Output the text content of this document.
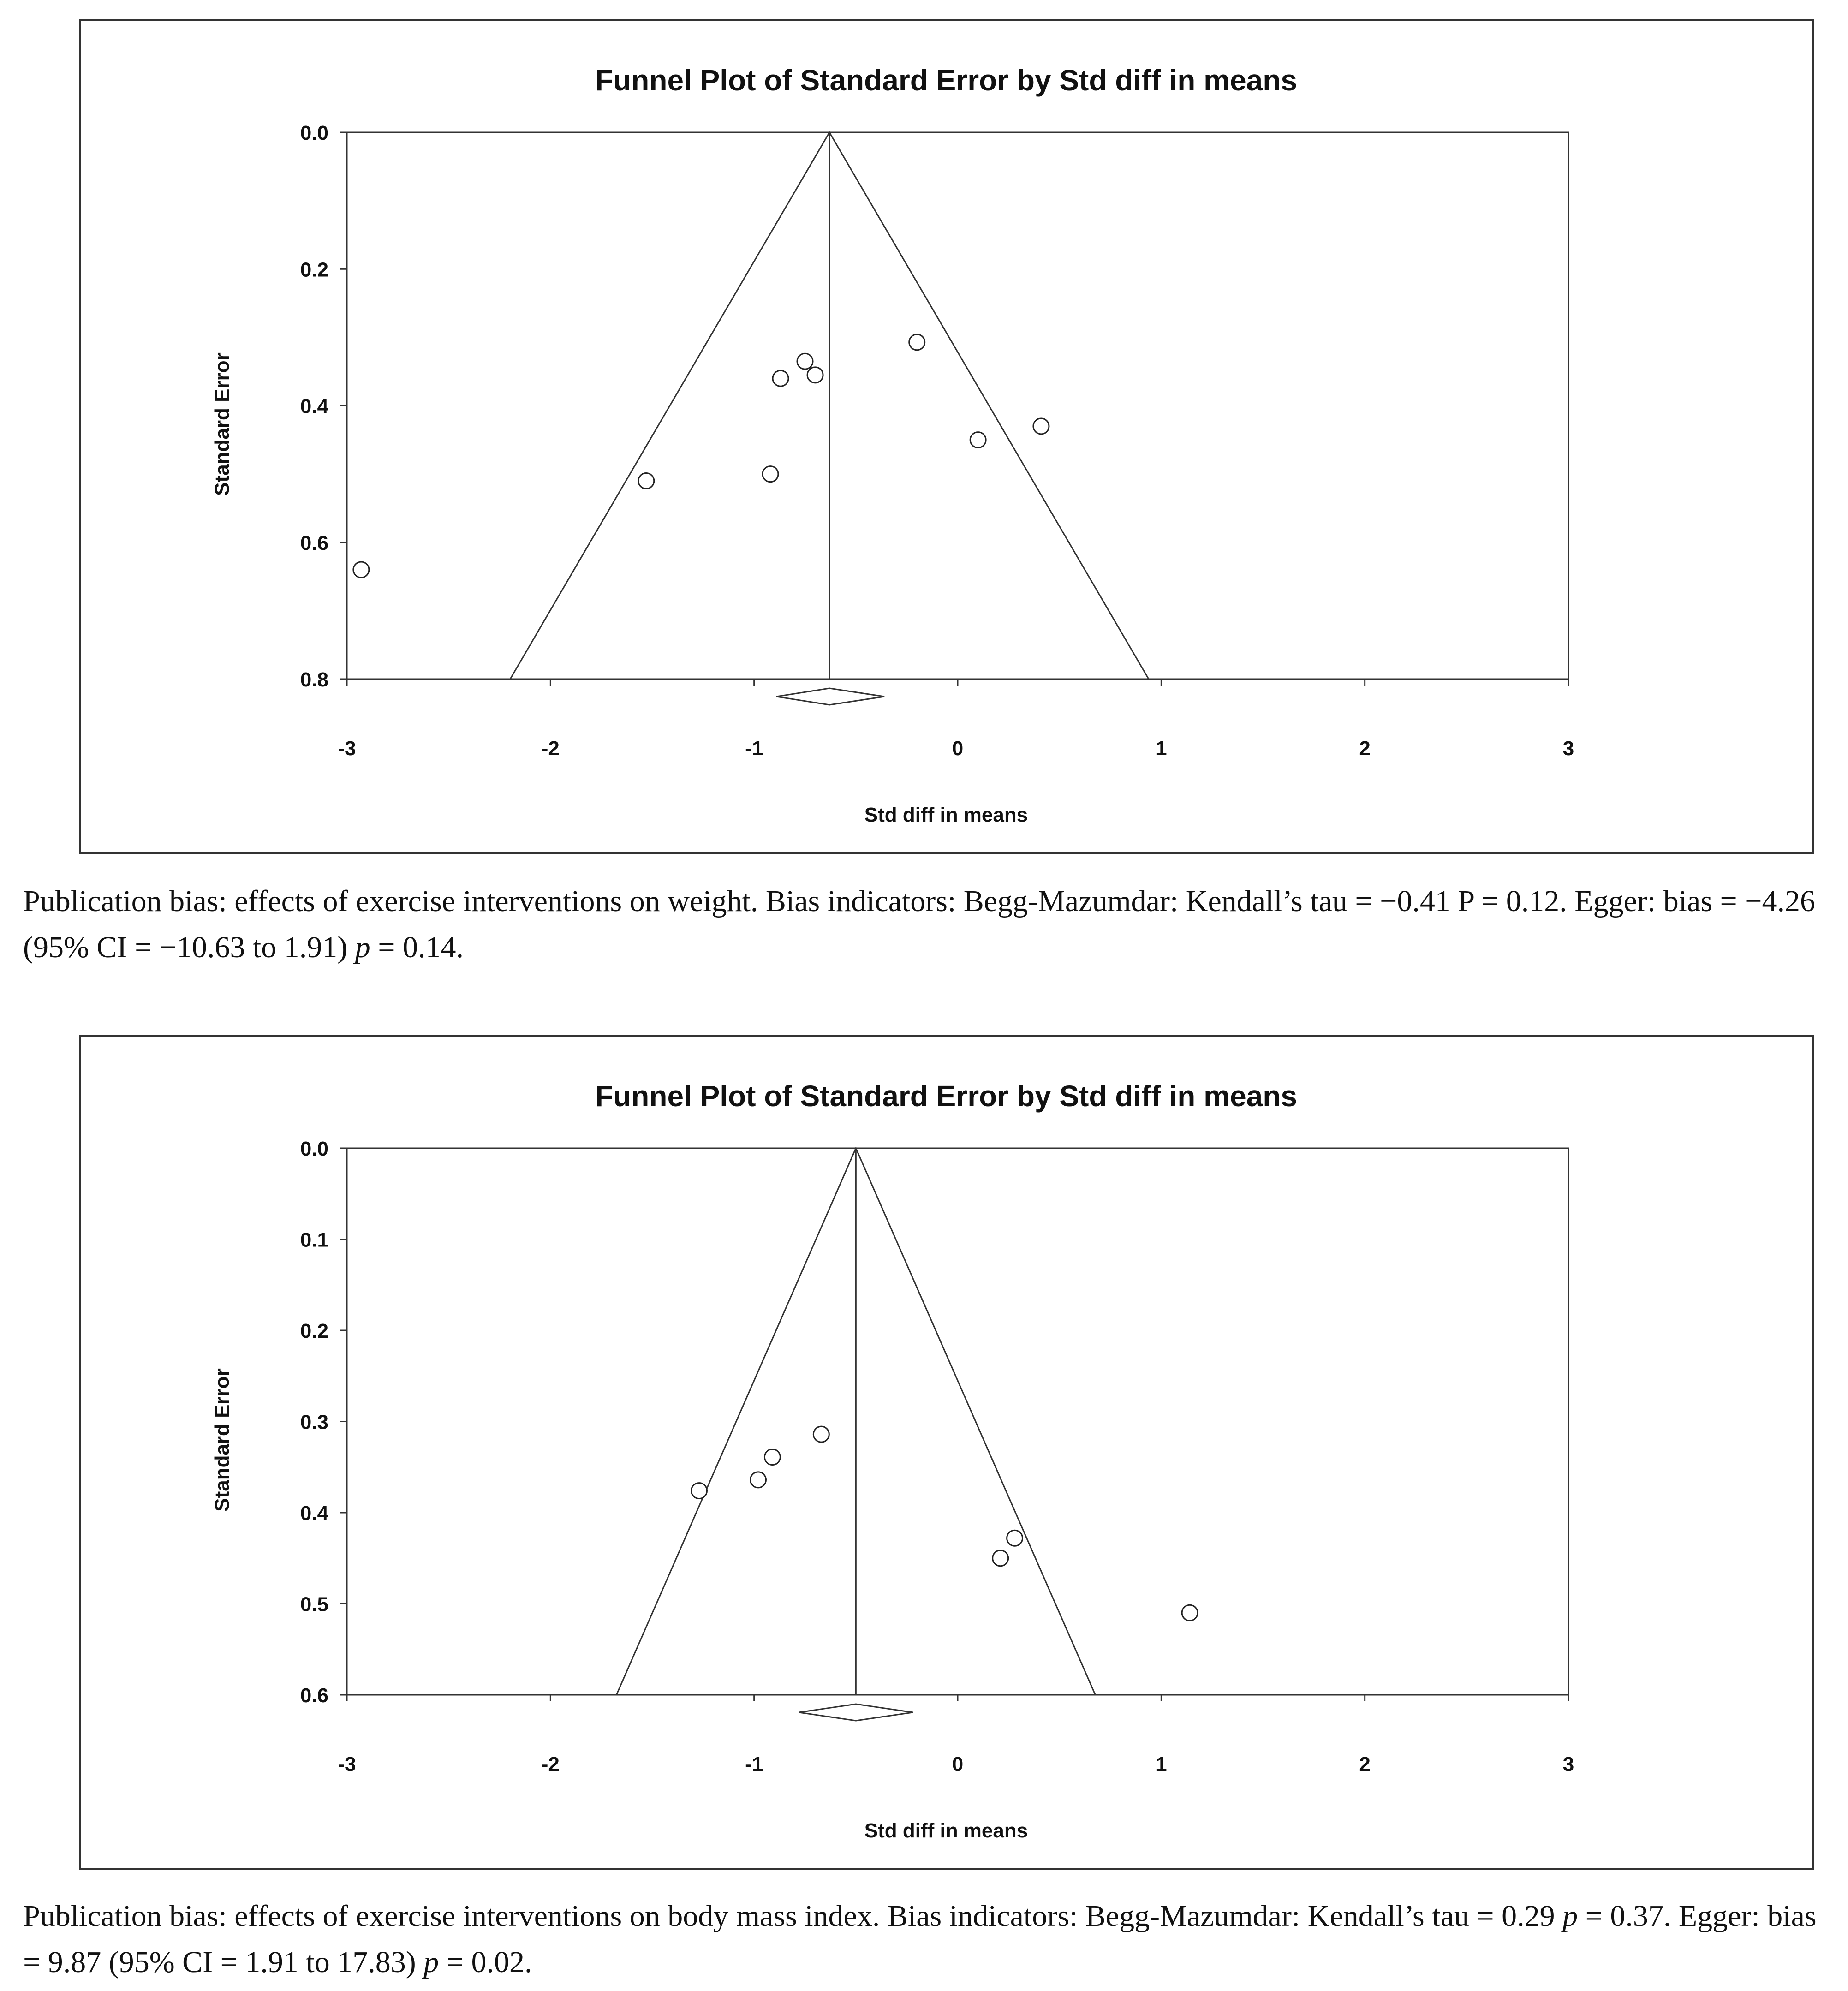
Funnel Plot of Standard Error by Std diff in means
Std diff in means
Standard Error
0.0
0.2
0.4
0.6
0.8
-3	-2	-1	0	1	2	3
Publication bias: effects of exercise interventions on weight. Bias indicators: Begg-Mazumdar: Kendall’s tau = −0.41 P = 0.12. Egger: bias = −4.26 (95% CI = −10.63 to 1.91) p = 0.14.
Funnel Plot of Standard Error by Std diff in means
Std diff in means
Standard Error
0.0
0.1
0.2
0.3
0.4
0.5
0.6
-3	-2	-1	0	1	2	3
Publication bias: effects of exercise interventions on body mass index. Bias indicators: Begg-Mazumdar: Kendall’s tau = 0.29 p = 0.37. Egger: bias = 9.87 (95% CI = 1.91 to 17.83) p = 0.02.
